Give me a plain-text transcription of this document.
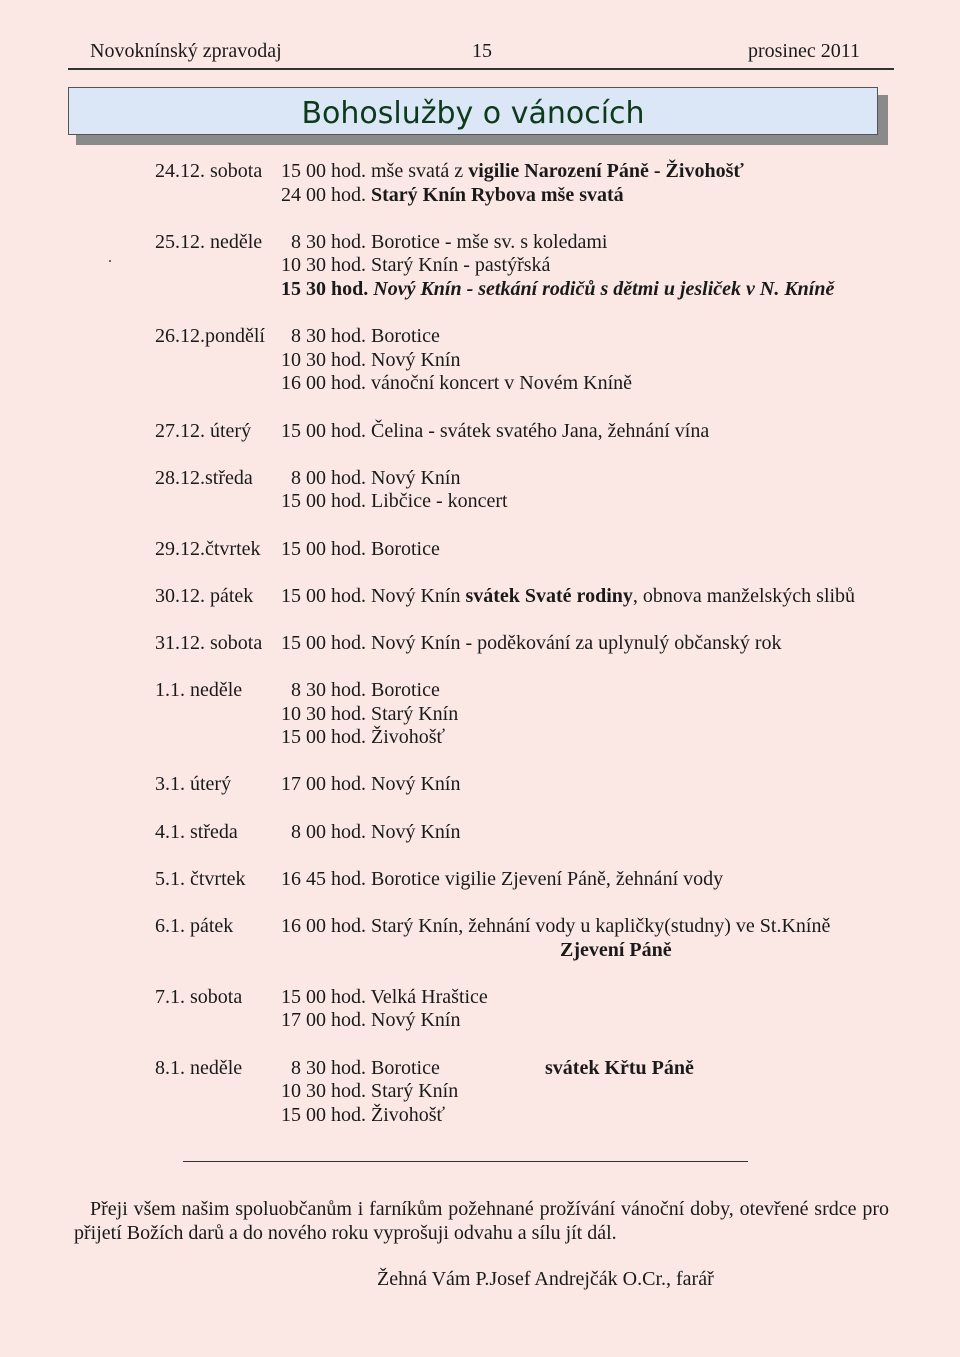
Novoknínský zpravodaj	15	prosinec 2011
Bohoslužby o vánocích
24.12. sobota 15 00 hod. mše svatá z vigilie Narození Páně - Živohošť
24 00 hod. Starý Knín Rybova mše svatá
25.12. neděle 8 30 hod. Borotice - mše sv. s koledami
10 30 hod. Starý Knín - pastýřská
15 30 hod. Nový Knín - setkání rodičů s dětmi u jesliček v N. Kníně
26.12.pondělí 8 30 hod. Borotice
10 30 hod. Nový Knín
16 00 hod. vánoční koncert v Novém Kníně
27.12. úterý 15 00 hod. Čelina - svátek svatého Jana, žehnání vína
28.12.středa 8 00 hod. Nový Knín
15 00 hod. Libčice - koncert
29.12.čtvrtek 15 00 hod. Borotice
30.12. pátek 15 00 hod. Nový Knín svátek Svaté rodiny, obnova manželských slibů
31.12. sobota 15 00 hod. Nový Knín - poděkování za uplynulý občanský rok
1.1. neděle 8 30 hod. Borotice
10 30 hod. Starý Knín
15 00 hod. Živohošť
3.1. úterý 17 00 hod. Nový Knín
4.1. středa	8 00 hod. Nový Knín
5.1. čtvrtek 16 45 hod. Borotice vigilie Zjevení Páně, žehnání vody
6.1. pátek 16 00 hod. Starý Knín, žehnání vody u kapličky(studny) ve St.Kníně
Zjevení Páně
7.1. sobota 15 00 hod. Velká Hraštice
17 00 hod. Nový Knín
8.1. neděle 8 30 hod. Borotice	svátek Křtu Páně
10 30 hod. Starý Knín
15 00 hod. Živohošť
Přeji všem našim spoluobčanům i farníkům požehnané prožívání vánoční doby, otevřené srdce pro přijetí Božích darů a do nového roku vyprošuji odvahu a sílu jít dál.
Žehná Vám P.Josef Andrejčák O.Cr., farář
